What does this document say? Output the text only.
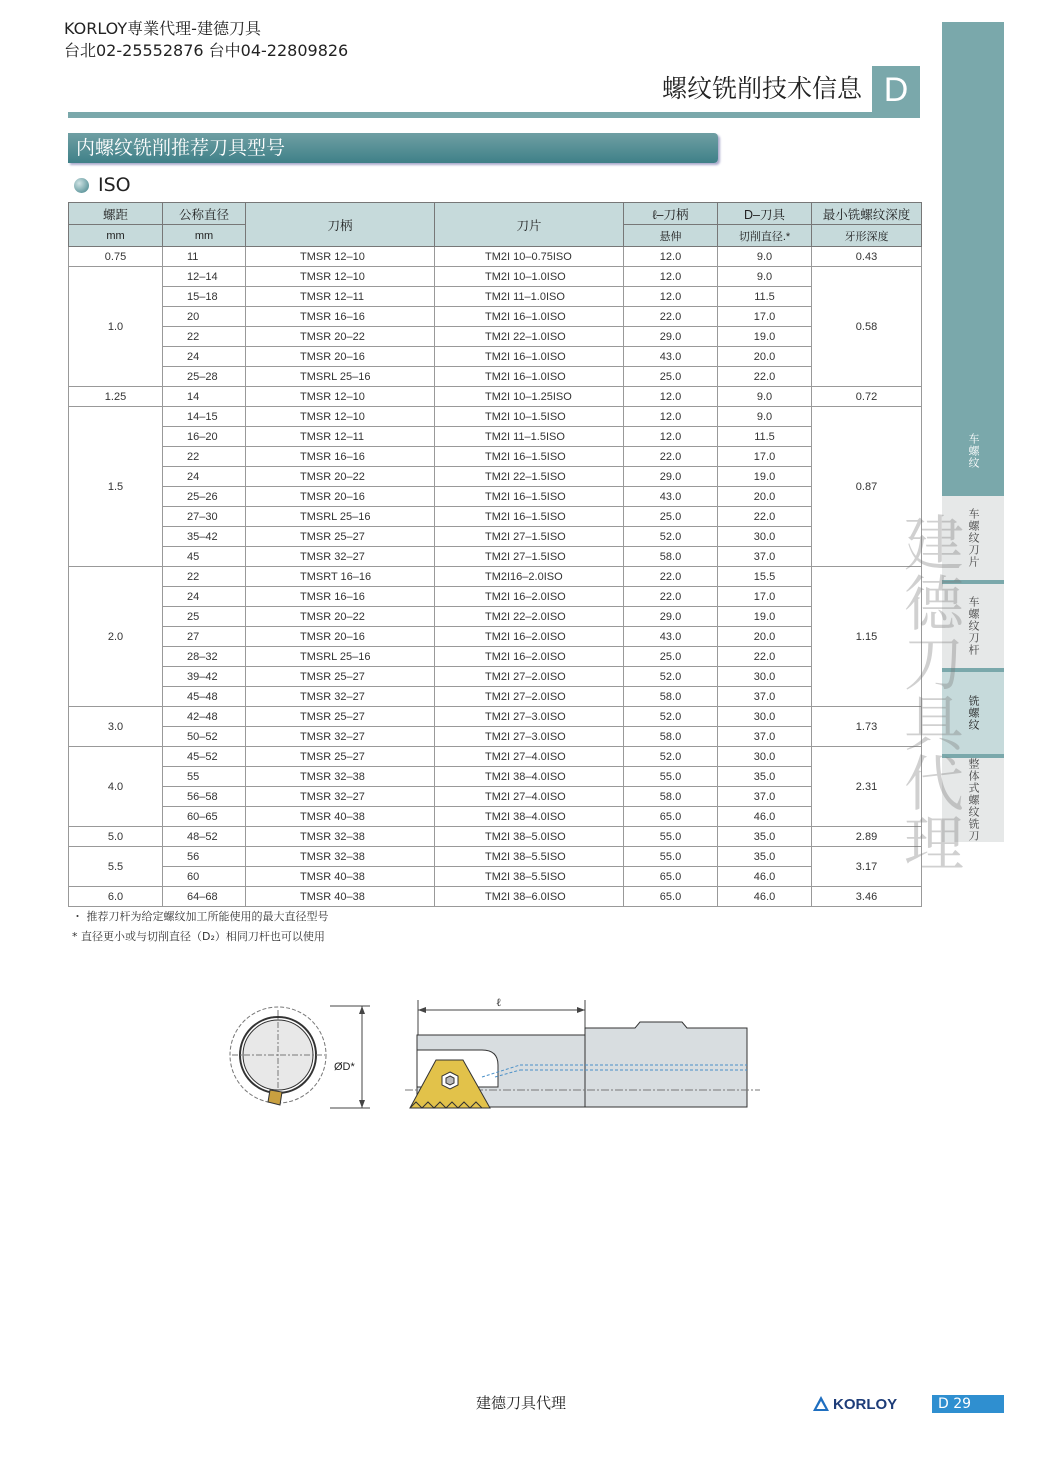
KORLOY専業代理-建德刀具
台北02-25552876 台中04-22809826
螺纹铣削技术信息 D
车螺纹
车螺纹刀片
车螺纹刀杆
铣螺纹
整体式螺纹铣刀
内螺纹铣削推荐刀具型号
ISO
螺距	公称直径	刀柄	刀片	ℓ–刀柄	D–刀具	最小铣螺纹深度
mm	mm			悬伸	切削直径.*	牙形深度
0.75	11	TMSR 12–10	TM2I 10–0.75ISO	12.0	9.0	0.43
1.0	12–14	TMSR 12–10	TM2I 10–1.0ISO	12.0	9.0	0.58
	15–18	TMSR 12–11	TM2I 11–1.0ISO	12.0	11.5	
	20	TMSR 16–16	TM2I 16–1.0ISO	22.0	17.0	
	22	TMSR 20–22	TM2I 22–1.0ISO	29.0	19.0	
	24	TMSR 20–16	TM2I 16–1.0ISO	43.0	20.0	
	25–28	TMSRL 25–16	TM2I 16–1.0ISO	25.0	22.0	
1.25	14	TMSR 12–10	TM2I 10–1.25ISO	12.0	9.0	0.72
1.5	14–15	TMSR 12–10	TM2I 10–1.5ISO	12.0	9.0	0.87
	16–20	TMSR 12–11	TM2I 11–1.5ISO	12.0	11.5	
	22	TMSR 16–16	TM2I 16–1.5ISO	22.0	17.0	
	24	TMSR 20–22	TM2I 22–1.5ISO	29.0	19.0	
	25–26	TMSR 20–16	TM2I 16–1.5ISO	43.0	20.0	
	27–30	TMSRL 25–16	TM2I 16–1.5ISO	25.0	22.0	
	35–42	TMSR 25–27	TM2I 27–1.5ISO	52.0	30.0	
	45	TMSR 32–27	TM2I 27–1.5ISO	58.0	37.0	
2.0	22	TMSRT 16–16	TM2I16–2.0ISO	22.0	15.5	1.15
	24	TMSR 16–16	TM2I 16–2.0ISO	22.0	17.0	
	25	TMSR 20–22	TM2I 22–2.0ISO	29.0	19.0	
	27	TMSR 20–16	TM2I 16–2.0ISO	43.0	20.0	
	28–32	TMSRL 25–16	TM2I 16–2.0ISO	25.0	22.0	
	39–42	TMSR 25–27	TM2I 27–2.0ISO	52.0	30.0	
	45–48	TMSR 32–27	TM2I 27–2.0ISO	58.0	37.0	
3.0	42–48	TMSR 25–27	TM2I 27–3.0ISO	52.0	30.0	1.73
	50–52	TMSR 32–27	TM2I 27–3.0ISO	58.0	37.0	
4.0	45–52	TMSR 25–27	TM2I 27–4.0ISO	52.0	30.0	2.31
	55	TMSR 32–38	TM2I 38–4.0ISO	55.0	35.0	
	56–58	TMSR 32–27	TM2I 27–4.0ISO	58.0	37.0	
	60–65	TMSR 40–38	TM2I 38–4.0ISO	65.0	46.0	
5.0	48–52	TMSR 32–38	TM2I 38–5.0ISO	55.0	35.0	2.89
5.5	56	TMSR 32–38	TM2I 38–5.5ISO	55.0	35.0	3.17
	60	TMSR 40–38	TM2I 38–5.5ISO	65.0	46.0	
6.0	64–68	TMSR 40–38	TM2I 38–6.0ISO	65.0	46.0	3.46
・ 推荐刀杆为给定螺纹加工所能使用的最大直径型号
* 直径更小或与切削直径（D₂）相同刀杆也可以使用
建德刀具代理
ØD*
ℓ
建德刀具代理	KORLOY	D 29
